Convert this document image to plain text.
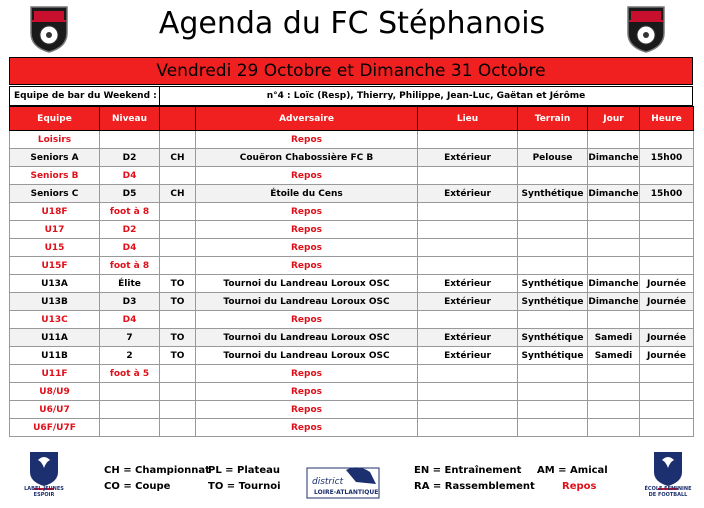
Agenda du FC Stéphanois
Vendredi 29 Octobre et Dimanche 31 Octobre
Equipe de bar du Weekend :	n°4 : Loïc (Resp), Thierry, Philippe, Jean-Luc, Gaëtan et Jérôme
Equipe	Niveau		Adversaire	Lieu	Terrain	Jour	Heure
Loisirs			Repos				
Seniors A	D2	CH	Couëron Chabossière FC B	Extérieur	Pelouse	Dimanche	15h00
Seniors B	D4		Repos				
Seniors C	D5	CH	Étoile du Cens	Extérieur	Synthétique	Dimanche	15h00
U18F	foot à 8		Repos				
U17	D2		Repos				
U15	D4		Repos				
U15F	foot à 8		Repos				
U13A	Élite	TO	Tournoi du Landreau Loroux OSC	Extérieur	Synthétique	Dimanche	Journée
U13B	D3	TO	Tournoi du Landreau Loroux OSC	Extérieur	Synthétique	Dimanche	Journée
U13C	D4		Repos				
U11A	7	TO	Tournoi du Landreau Loroux OSC	Extérieur	Synthétique	Samedi	Journée
U11B	2	TO	Tournoi du Landreau Loroux OSC	Extérieur	Synthétique	Samedi	Journée
U11F	foot à 5		Repos				
U8/U9			Repos				
U6/U7			Repos				
U6F/U7F			Repos				
LABEL JEUNES ESPOIR
CH = Championnat
CO = Coupe
PL = Plateau
TO = Tournoi	district
LOIRE-ATLANTIQUE
EN = Entraînement
RA = Rassemblement
AM = Amical
Repos	ÉCOLE FÉMININE DE FOOTBALL
